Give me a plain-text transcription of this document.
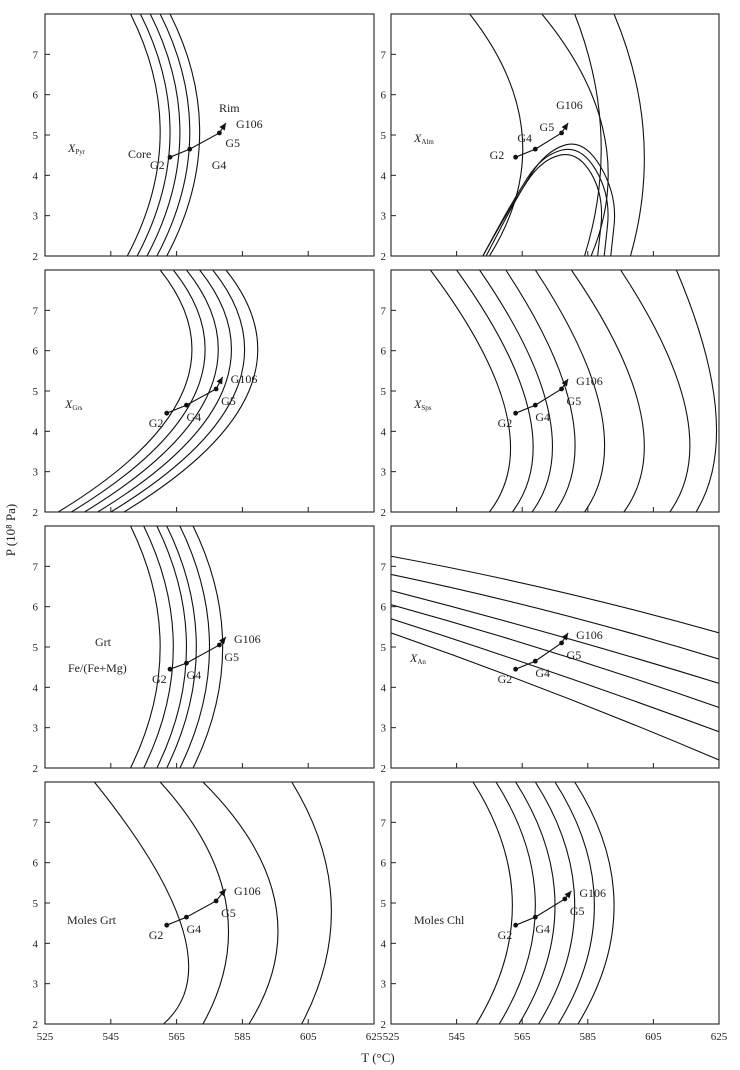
2
3
4
5
6
7
XPyr
G2	G4
G5
G106
Core
Rim
2
3
4
5
6
7
XAlm
G2
G4
G5
G106
2
3
4
5
6
7
XGrs
G2 G4
G5
G106
2
3
4
5
6
7
XSps
G2 G4
G5
G106
2
3
4
5
6
7
Grt
Fe/(Fe+Mg)
G2 G4
G5
G106
2
3
4
5
6
7
XAn
G2 G4
G5
G106
2
3
4
5
6
7
525	545	565	585	605	625
Moles Grt
G2 G4
G5
G106
2
3
4
5
6
7
525	545	565	585	605	625
Moles Chl
G2 G4
G5
G106
P (10⁸ Pa)
T (°C)
